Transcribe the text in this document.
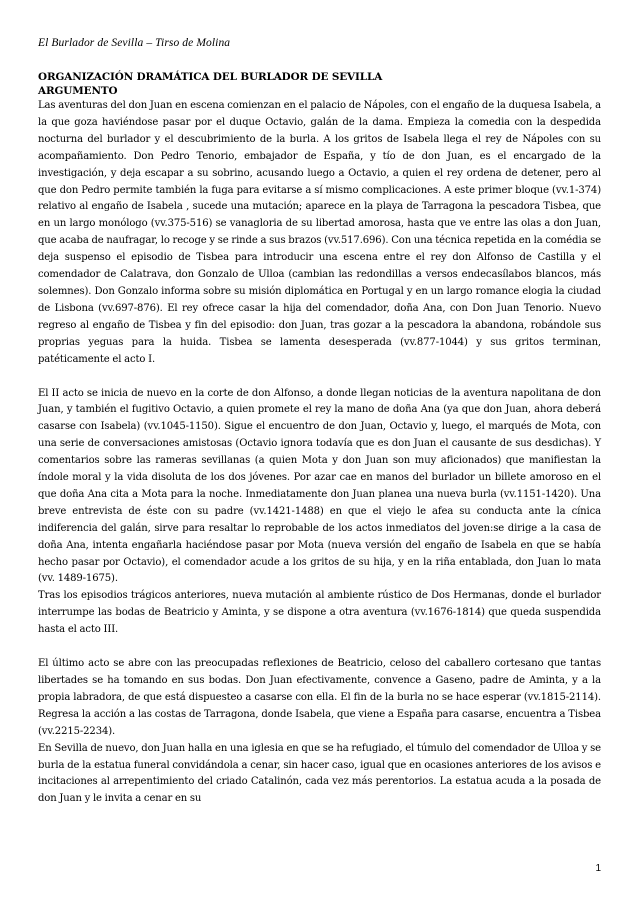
El Burlador de Sevilla – Tirso de Molina
ORGANIZACIÓN DRAMÁTICA DEL BURLADOR DE SEVILLA
ARGUMENTO

Las aventuras del don Juan en escena comienzan en el palacio de Nápoles, con el engaño de la duquesa Isabela, a la que goza haviéndose pasar por el duque Octavio, galán de la dama. Empieza la comedia con la despedida nocturna del burlador y el descubrimiento de la burla. A los gritos de Isabela llega el rey de Nápoles con su acompañamiento. Don Pedro Tenorio, embajador de España, y tío de don Juan, es el encargado de la investigación, y deja escapar a su sobrino, acusando luego a Octavio, a quien el rey ordena de detener, pero al que don Pedro permite también la fuga para evitarse a sí mismo complicaciones. A este primer bloque (vv.1-374) relativo al engaño de Isabela , sucede una mutación; aparece en la playa de Tarragona la pescadora Tisbea, que en un largo monólogo (vv.375-516) se vanagloria de su libertad amorosa, hasta que ve entre las olas a don Juan, que acaba de naufragar, lo recoge y se rinde a sus brazos (vv.517.696). Con una técnica repetida en la comédia se deja suspenso el episodio de Tisbea para introducir una escena entre el rey don Alfonso de Castilla y el comendador de Calatrava, don Gonzalo de Ulloa (cambian las redondillas a versos endecasílabos blancos, más solemnes). Don Gonzalo informa sobre su misión diplomática en Portugal y en un largo romance elogia la ciudad de Lisbona (vv.697-876). El rey ofrece casar la hija del comendador, doña Ana, con Don Juan Tenorio. Nuevo regreso al engaño de Tisbea y fin del episodio: don Juan, tras gozar a la pescadora la abandona, robándole sus proprias yeguas para la huida. Tisbea se lamenta desesperada (vv.877-1044) y sus gritos terminan, patéticamente el acto I.

El II acto se inicia de nuevo en la corte de don Alfonso, a donde llegan noticias de la aventura napolitana de don Juan, y también el fugitivo Octavio, a quien promete el rey la mano de doña Ana (ya que don Juan, ahora deberá casarse con Isabela) (vv.1045-1150). Sigue el encuentro de don Juan, Octavio y, luego, el marqués de Mota, con una serie de conversaciones amistosas (Octavio ignora todavía que es don Juan el causante de sus desdichas). Y comentarios sobre las rameras sevillanas (a quien Mota y don Juan son muy aficionados) que manifiestan la índole moral y la vida disoluta de los dos jóvenes. Por azar cae en manos del burlador un billete amoroso en el que doña Ana cita a Mota para la noche. Inmediatamente don Juan planea una nueva burla (vv.1151-1420). Una breve entrevista de éste con su padre (vv.1421-1488) en que el viejo le afea su conducta ante la cínica indiferencia del galán, sirve para resaltar lo reprobable de los actos inmediatos del joven:se dirige a la casa de doña Ana, intenta engañarla haciéndose pasar por Mota (nueva versión del engaño de Isabela en que se había hecho pasar por Octavio), el comendador acude a los gritos de su hija, y en la riña entablada, don Juan lo mata (vv. 1489-1675).

Tras los episodios trágicos anteriores, nueva mutación al ambiente rústico de Dos Hermanas, donde el burlador interrumpe las bodas de Beatricio y Aminta, y se dispone a otra aventura (vv.1676-1814) que queda suspendida hasta el acto III.

El último acto se abre con las preocupadas reflexiones de Beatricio, celoso del caballero cortesano que tantas libertades se ha tomando en sus bodas. Don Juan efectivamente, convence a Gaseno, padre de Aminta, y a la propia labradora, de que está dispuesteo a casarse con ella. El fin de la burla no se hace esperar (vv.1815-2114). Regresa la acción a las costas de Tarragona, donde Isabela, que viene a España para casarse, encuentra a Tisbea (vv.2215-2234).

En Sevilla de nuevo, don Juan halla en una iglesia en que se ha refugiado, el túmulo del comendador de Ulloa y se burla de la estatua funeral convidándola a cenar, sin hacer caso, igual que en ocasiones anteriores de los avisos e incitaciones al arrepentimiento del criado Catalinón, cada vez más perentorios. La estatua acuda a la posada de don Juan y le invita a cenar en su

1
